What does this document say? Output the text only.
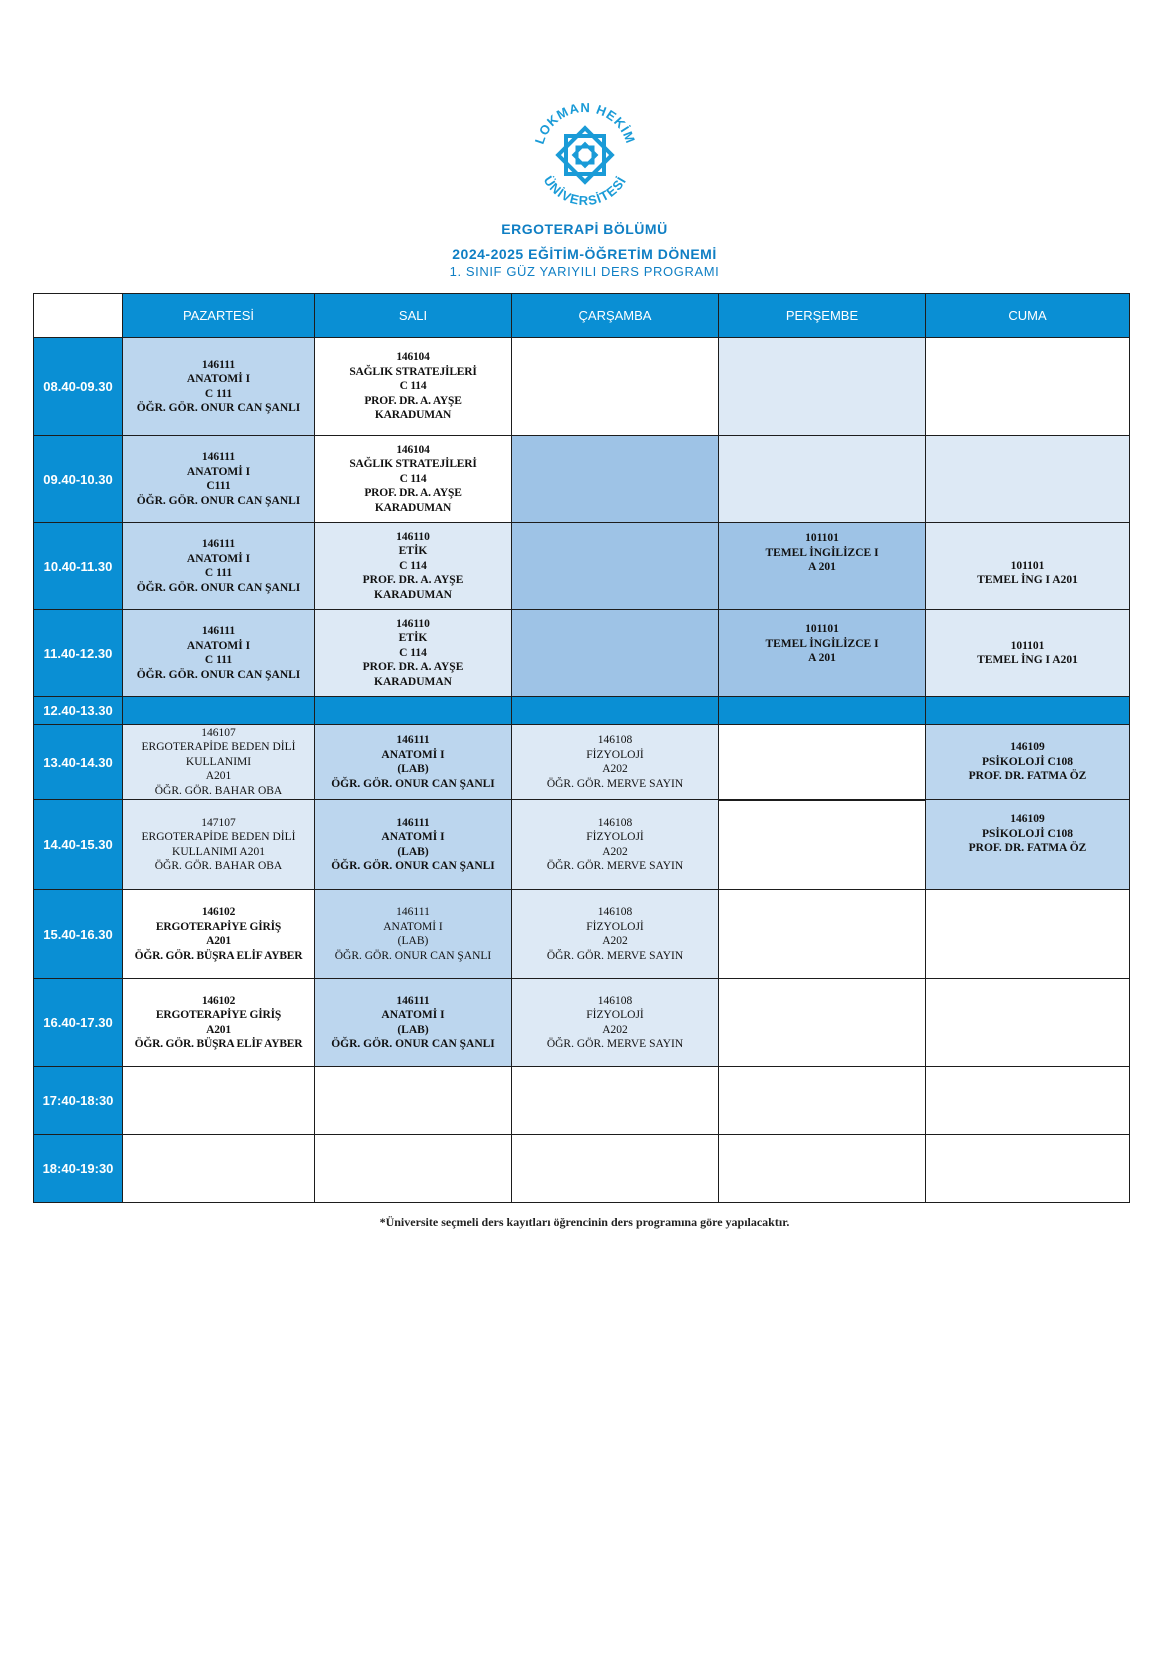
LOKMAN HEKİM
ÜNİVERSİTESİ
ERGOTERAPİ BÖLÜMÜ
2024-2025 EĞİTİM-ÖĞRETİM DÖNEMİ
1. SINIF GÜZ YARIYILI DERS PROGRAMI
	PAZARTESİ	SALI	ÇARŞAMBA	PERŞEMBE	CUMA
08.40-09.30	146111
ANATOMİ I
C 111
ÖĞR. GÖR. ONUR CAN ŞANLI	146104
SAĞLIK STRATEJİLERİ
C 114
PROF. DR. A. AYŞE
KARADUMAN			

09.40-10.30	146111
ANATOMİ I
C111
ÖĞR. GÖR. ONUR CAN ŞANLI	146104
SAĞLIK STRATEJİLERİ
C 114
PROF. DR. A. AYŞE
KARADUMAN			

10.40-11.30	146111
ANATOMİ I
C 111
ÖĞR. GÖR. ONUR CAN ŞANLI	146110
ETİK
C 114
PROF. DR. A. AYŞE
KARADUMAN		101101
TEMEL İNGİLİZCE I
A 201	101101
TEMEL İNG I A201

11.40-12.30	146111
ANATOMİ I
C 111
ÖĞR. GÖR. ONUR CAN ŞANLI	146110
ETİK
C 114
PROF. DR. A. AYŞE
KARADUMAN		101101
TEMEL İNGİLİZCE I
A 201	101101
TEMEL İNG I A201

12.40-13.30					
13.40-14.30	146107
ERGOTERAPİDE BEDEN DİLİ
KULLANIMI
A201
ÖĞR. GÖR. BAHAR OBA	146111
ANATOMİ I
(LAB)
ÖĞR. GÖR. ONUR CAN ŞANLI	146108
FİZYOLOJİ
A202
ÖĞR. GÖR. MERVE SAYIN		146109
PSİKOLOJİ C108
PROF. DR. FATMA ÖZ

14.40-15.30	147107
ERGOTERAPİDE BEDEN DİLİ
KULLANIMI A201
ÖĞR. GÖR. BAHAR OBA	146111
ANATOMİ I
(LAB)
ÖĞR. GÖR. ONUR CAN ŞANLI	146108
FİZYOLOJİ
A202
ÖĞR. GÖR. MERVE SAYIN		146109
PSİKOLOJİ C108
PROF. DR. FATMA ÖZ

15.40-16.30	146102
ERGOTERAPİYE GİRİŞ
A201
ÖĞR. GÖR. BÜŞRA ELİF AYBER	146111
ANATOMİ I
(LAB)
ÖĞR. GÖR. ONUR CAN ŞANLI	146108
FİZYOLOJİ
A202
ÖĞR. GÖR. MERVE SAYIN		

16.40-17.30	146102
ERGOTERAPİYE GİRİŞ
A201
ÖĞR. GÖR. BÜŞRA ELİF AYBER	146111
ANATOMİ I
(LAB)
ÖĞR. GÖR. ONUR CAN ŞANLI	146108
FİZYOLOJİ
A202
ÖĞR. GÖR. MERVE SAYIN		

17:40-18:30					
18:40-19:30					
*Üniversite seçmeli ders kayıtları öğrencinin ders programına göre yapılacaktır.
